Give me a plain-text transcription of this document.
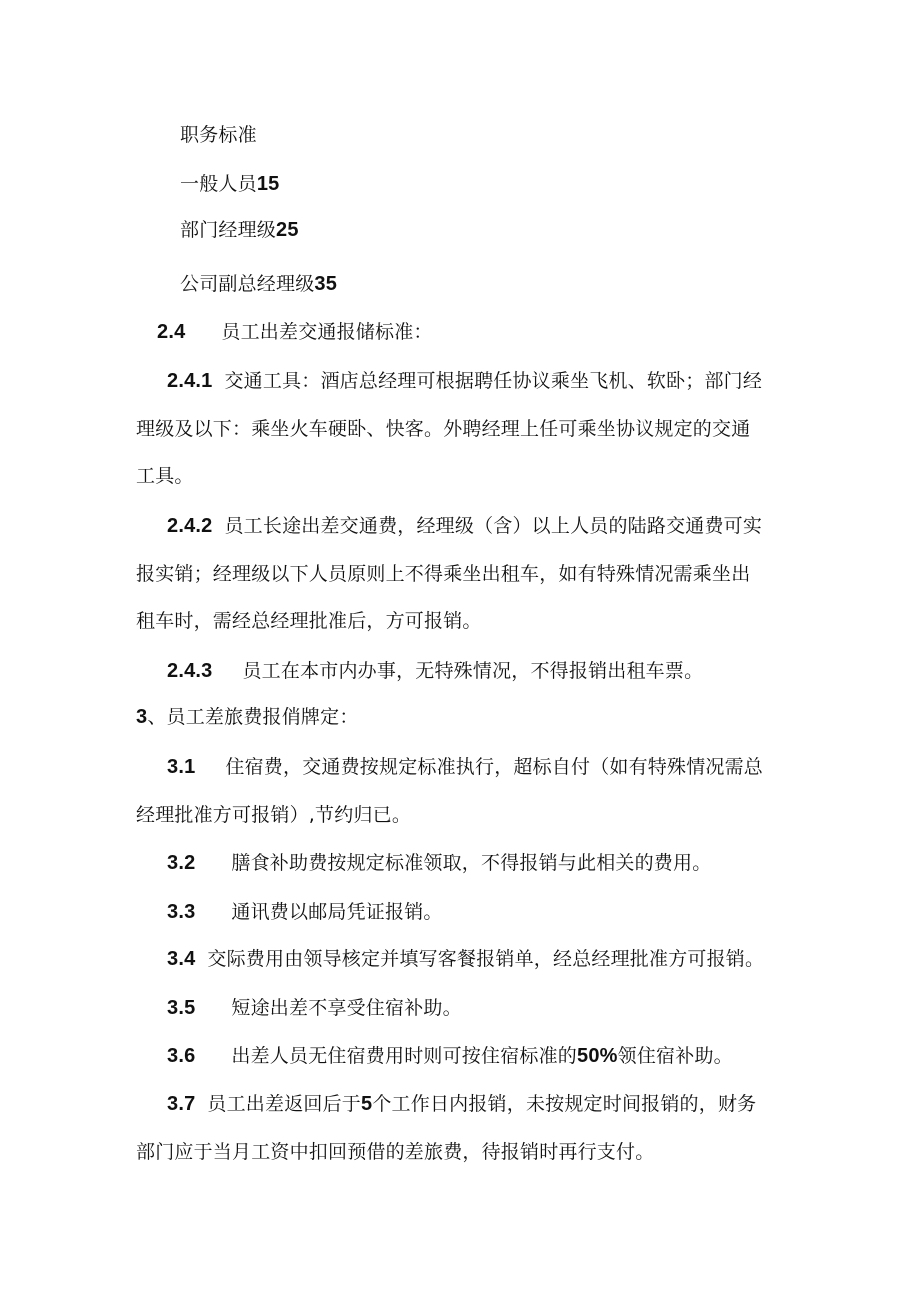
职务标准
一般人员15
部门经理级25
公司副总经理级35
2.4 员工出差交通报储标准：
2.4.1 交通工具：酒店总经理可根据聘任协议乘坐飞机、软卧；部门经
理级及以下：乘坐火车硬卧、快客。外聘经理上任可乘坐协议规定的交通
工具。
2.4.2 员工长途出差交通费，经理级（含）以上人员的陆路交通费可实
报实销；经理级以下人员原则上不得乘坐出租车，如有特殊情况需乘坐出
租车时，需经总经理批准后，方可报销。
2.4.3 员工在本市内办事，无特殊情况，不得报销出租车票。
3、员工差旅费报俏牌定：
3.1 住宿费，交通费按规定标准执行，超标自付（如有特殊情况需总
经理批准方可报销）,节约归已。
3.2 膳食补助费按规定标准领取，不得报销与此相关的费用。
3.3 通讯费以邮局凭证报销。
3.4 交际费用由领导核定并填写客餐报销单，经总经理批准方可报销。
3.5 短途出差不享受住宿补助。
3.6 出差人员无住宿费用时则可按住宿标准的50%领住宿补助。
3.7 员工出差返回后于5个工作日内报销，未按规定时间报销的，财务
部门应于当月工资中扣回预借的差旅费，待报销时再行支付。
